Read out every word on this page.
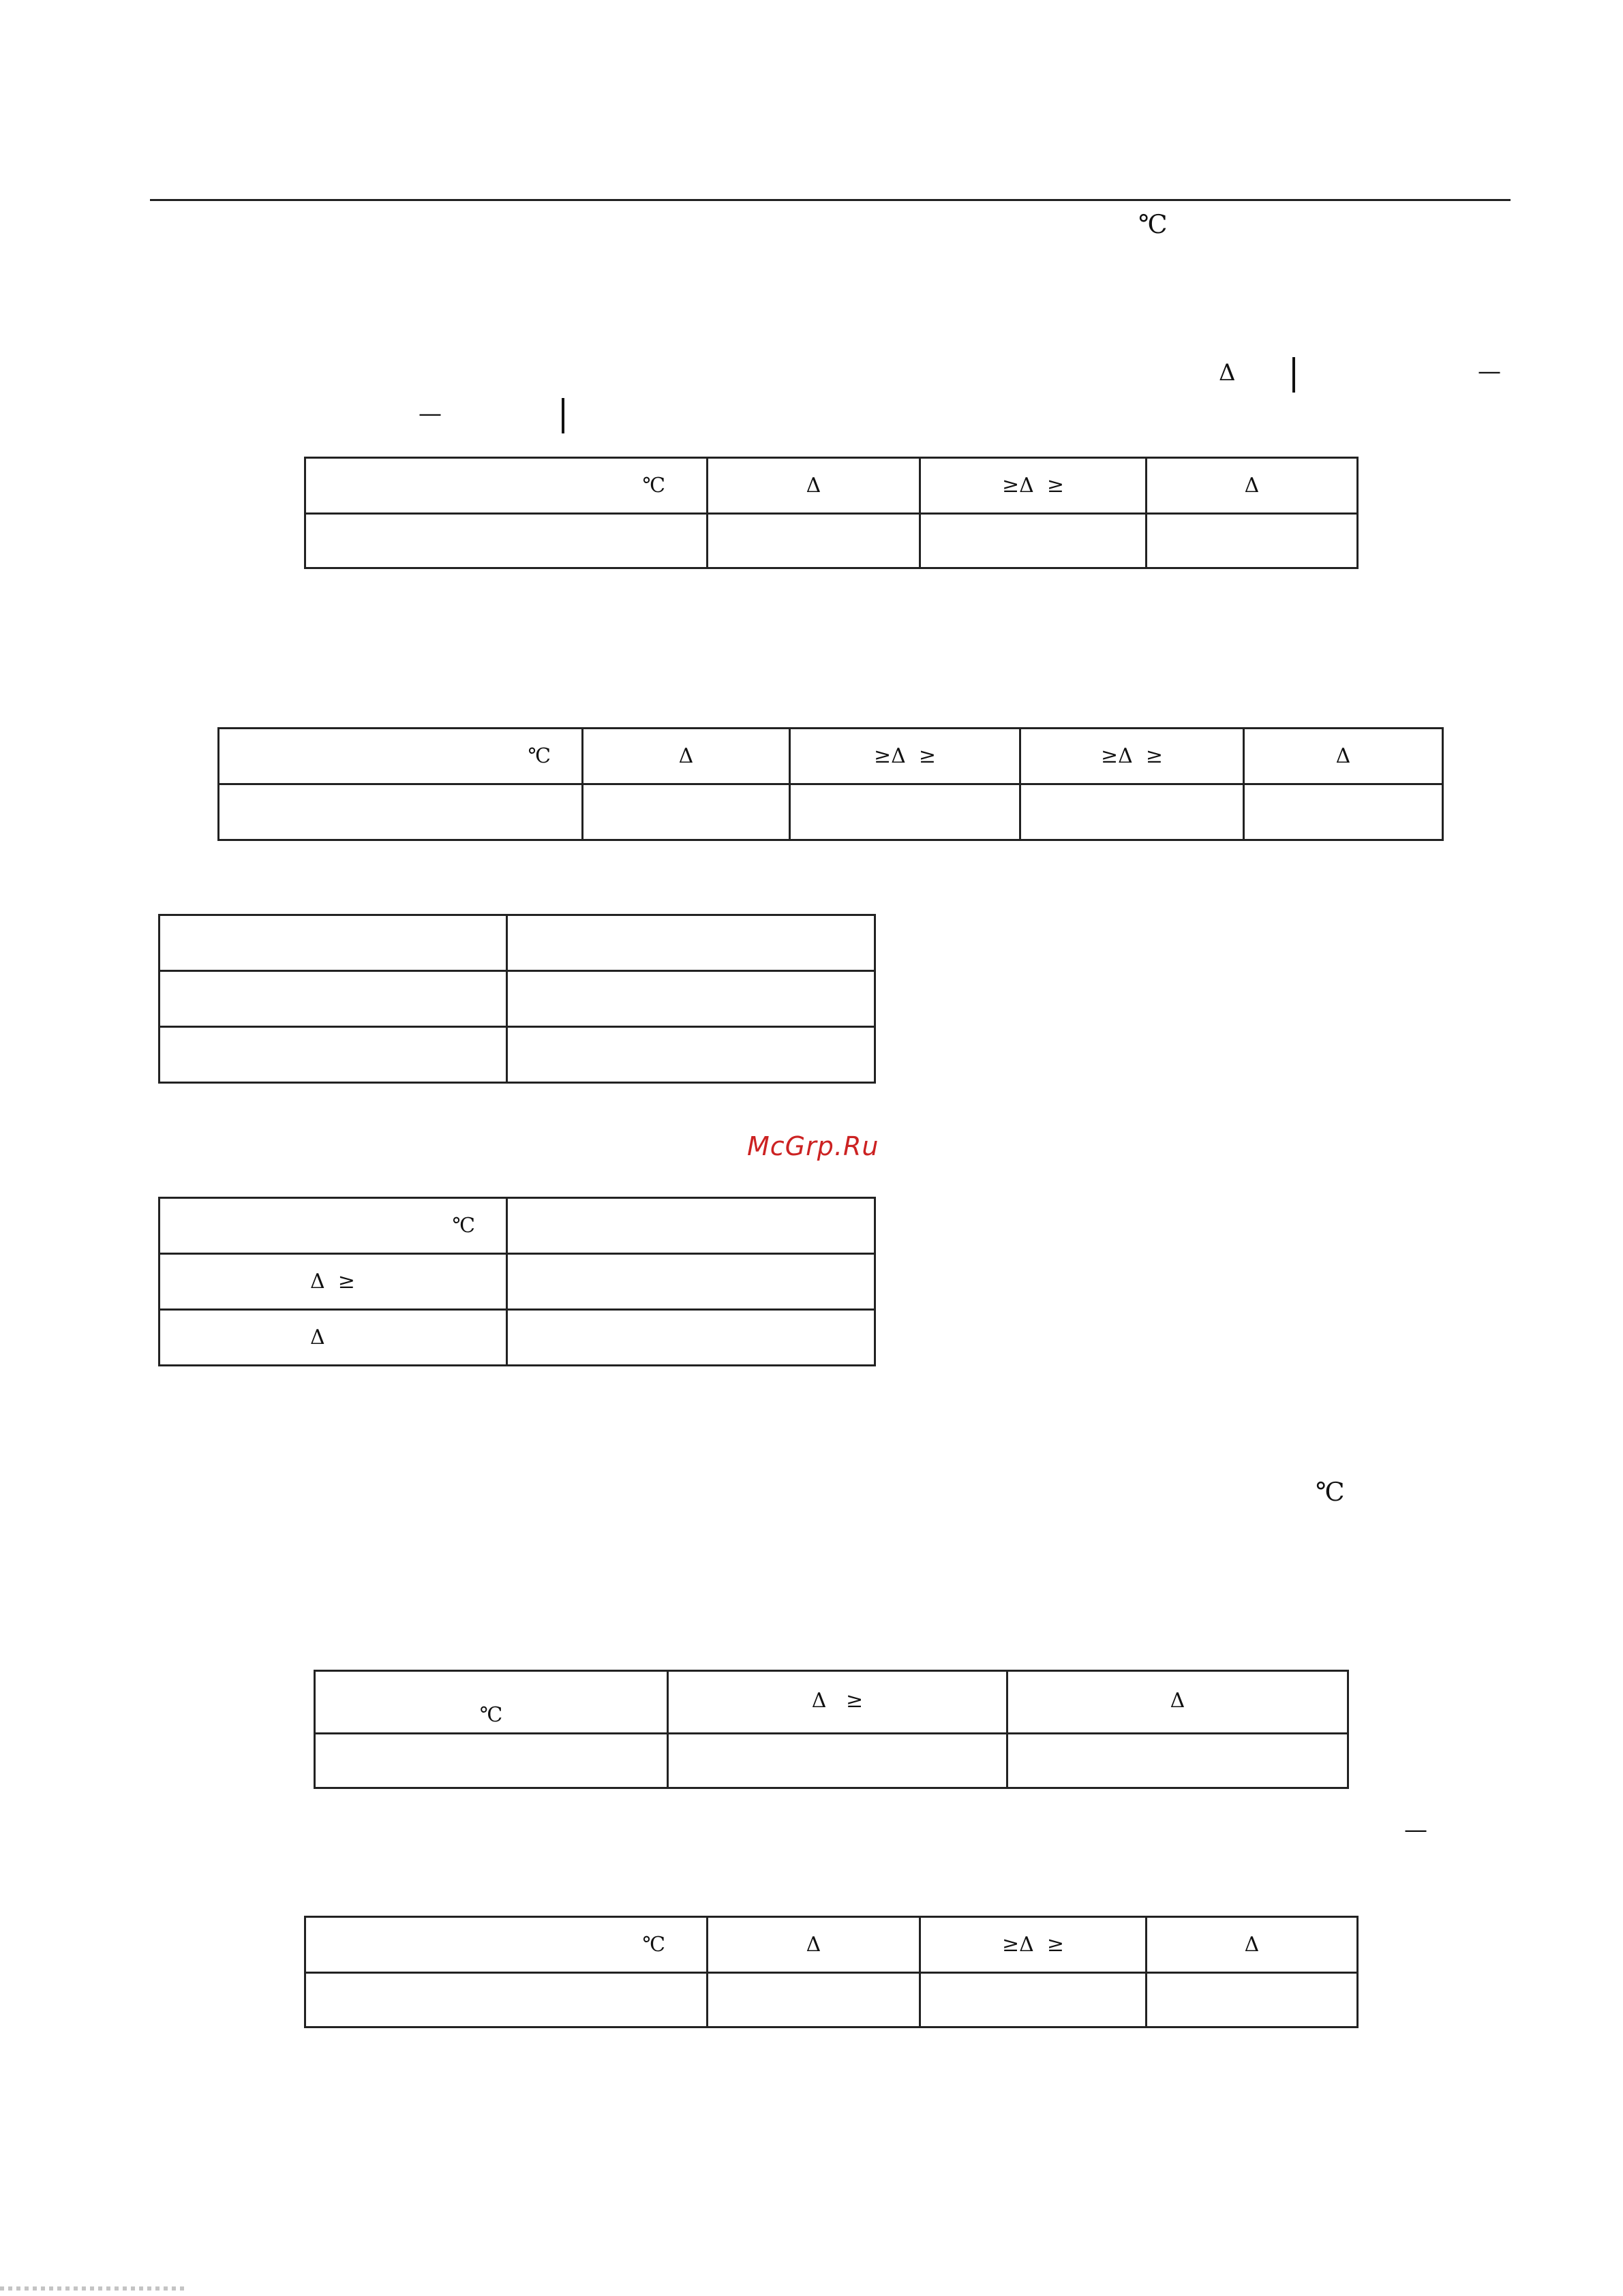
℃
Δ	—
—
℃	Δ	≥Δ  ≥	Δ

℃	Δ	≥Δ  ≥	≥Δ  ≥	Δ

McGrp.Ru
℃	
Δ  ≥	
Δ	
℃
℃	Δ   ≥	Δ

—
℃	Δ	≥Δ  ≥	Δ
